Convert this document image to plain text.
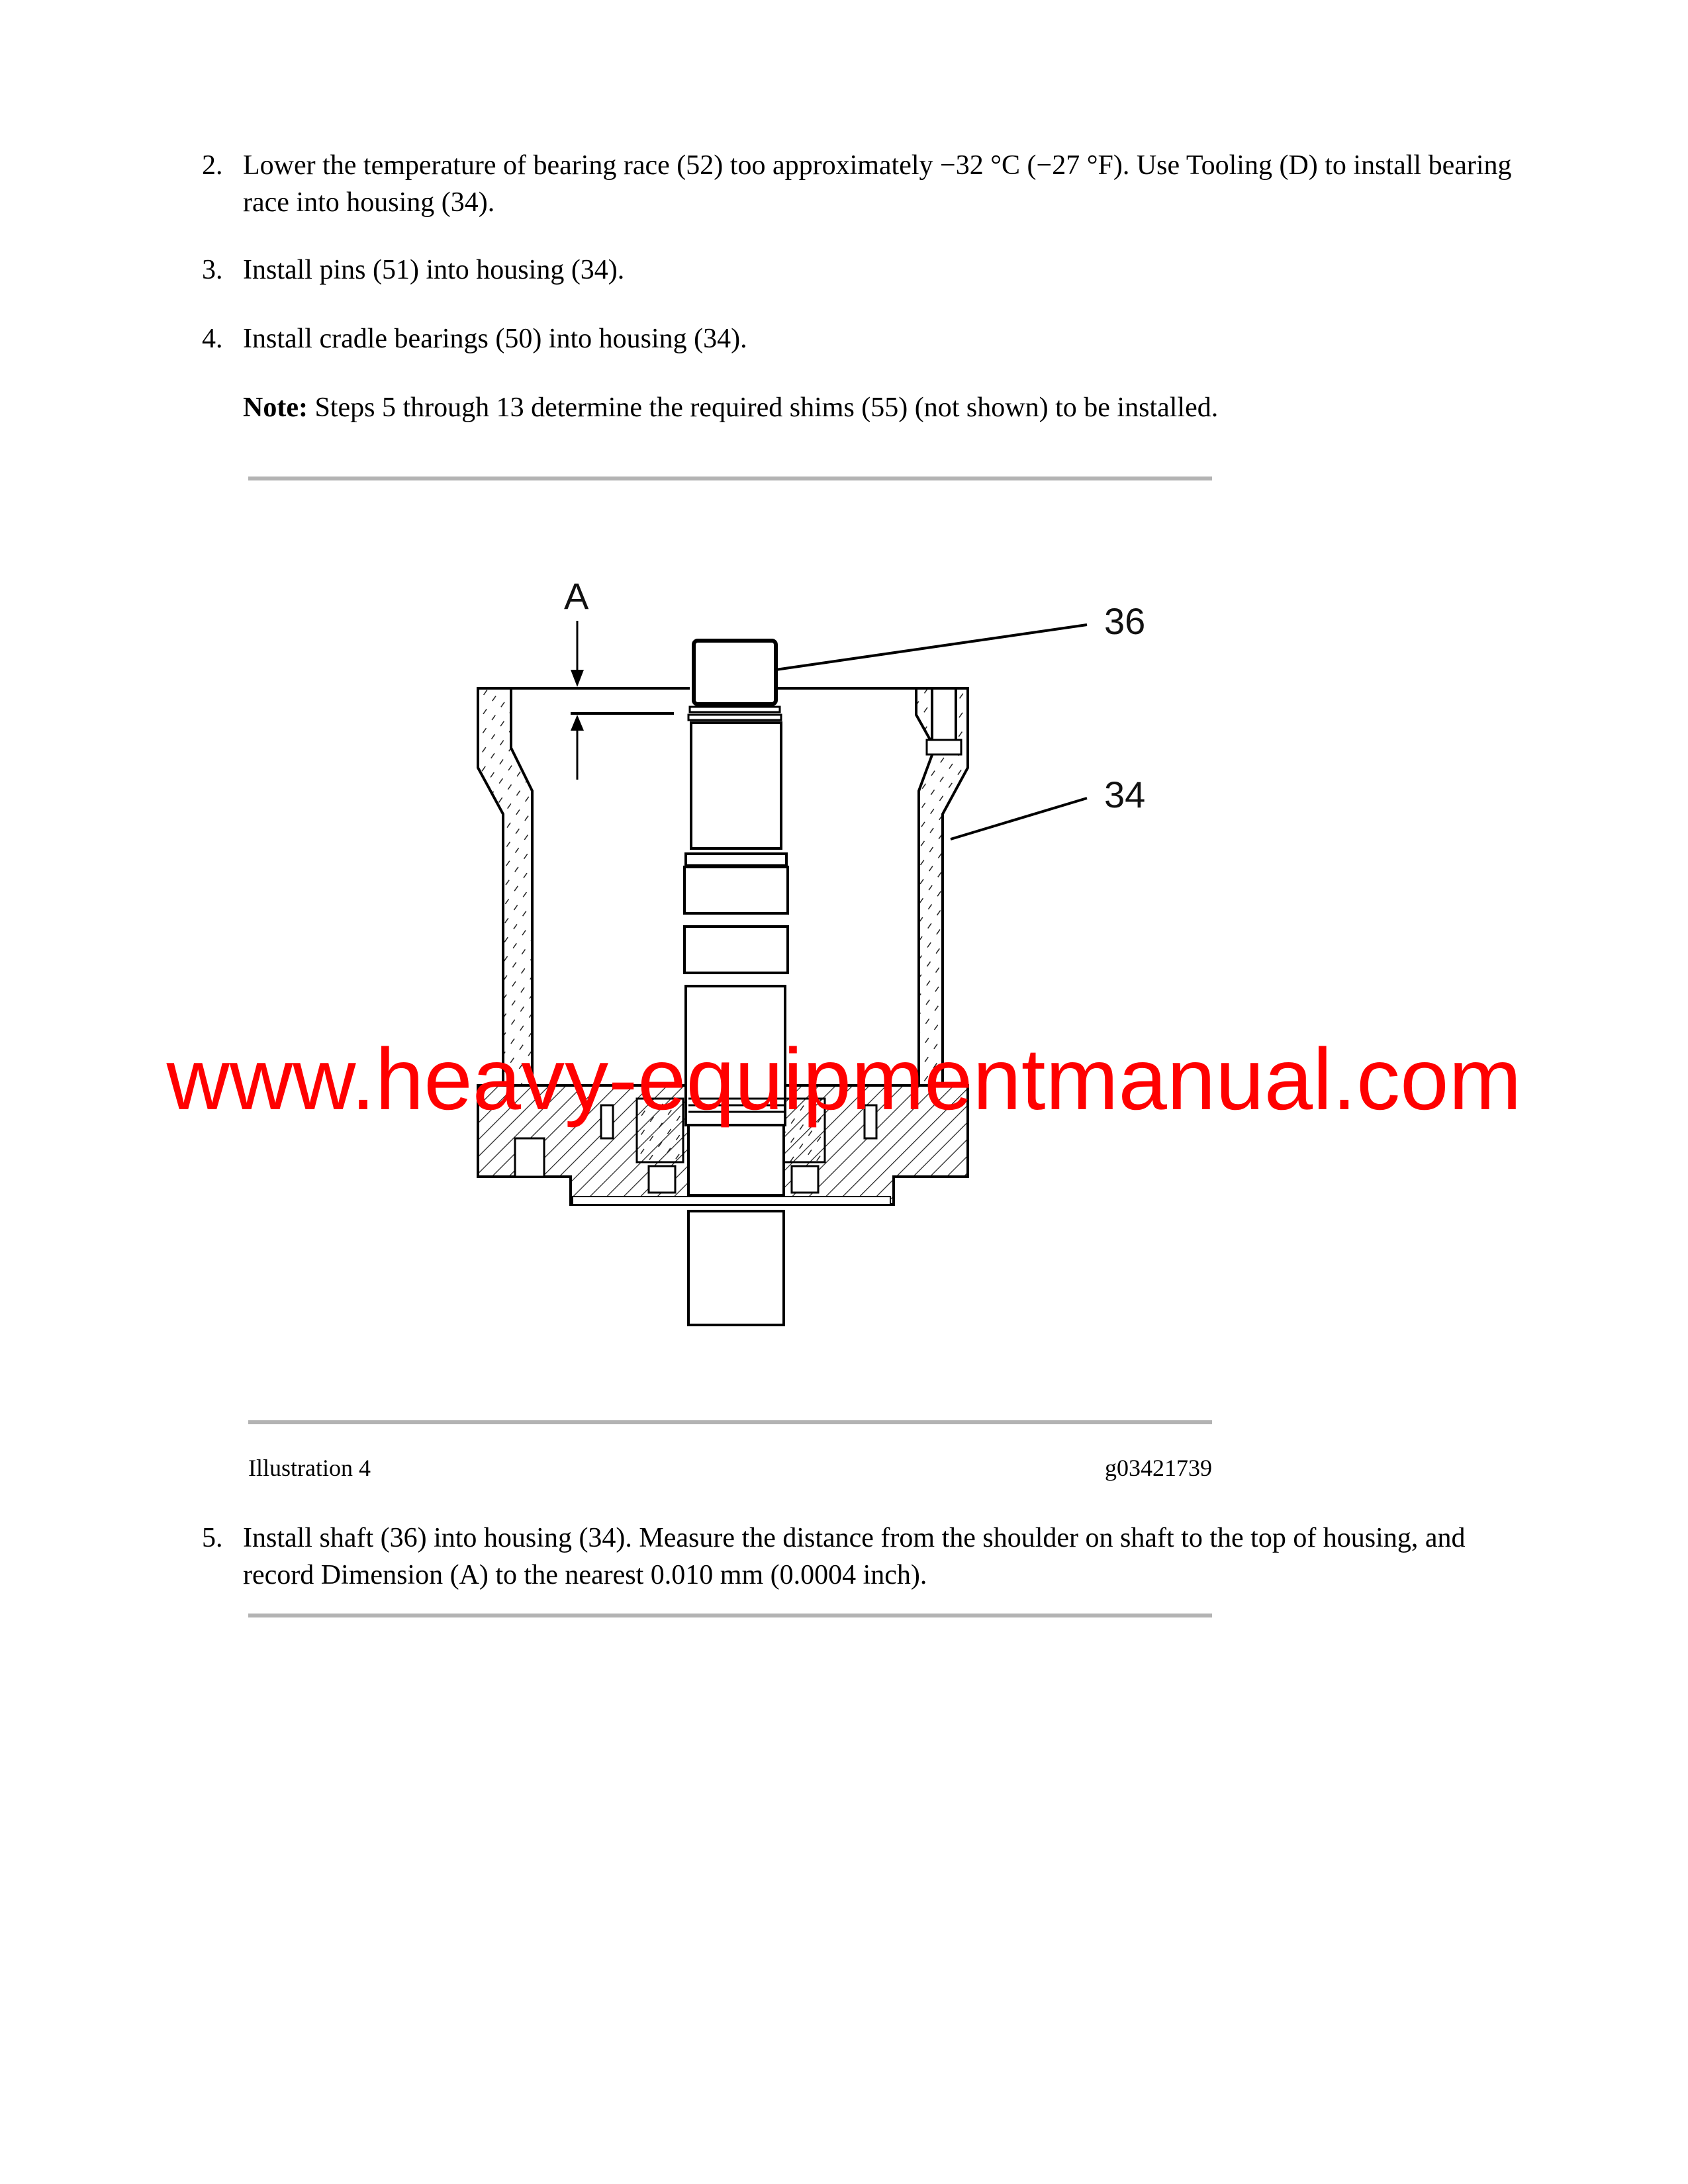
2. Lower the temperature of bearing race (52) too approximately −32 °C (−27 °F). Use Tooling (D) to install bearing race into housing (34).
3. Install pins (51) into housing (34).
4. Install cradle bearings (50) into housing (34).
Note: Steps 5 through 13 determine the required shims (55) (not shown) to be installed.
A
36
34
Illustration 4	g03421739
5. Install shaft (36) into housing (34). Measure the distance from the shoulder on shaft to the top of housing, and record Dimension (A) to the nearest 0.010 mm (0.0004 inch).
www.heavy-equipmentmanual.com
